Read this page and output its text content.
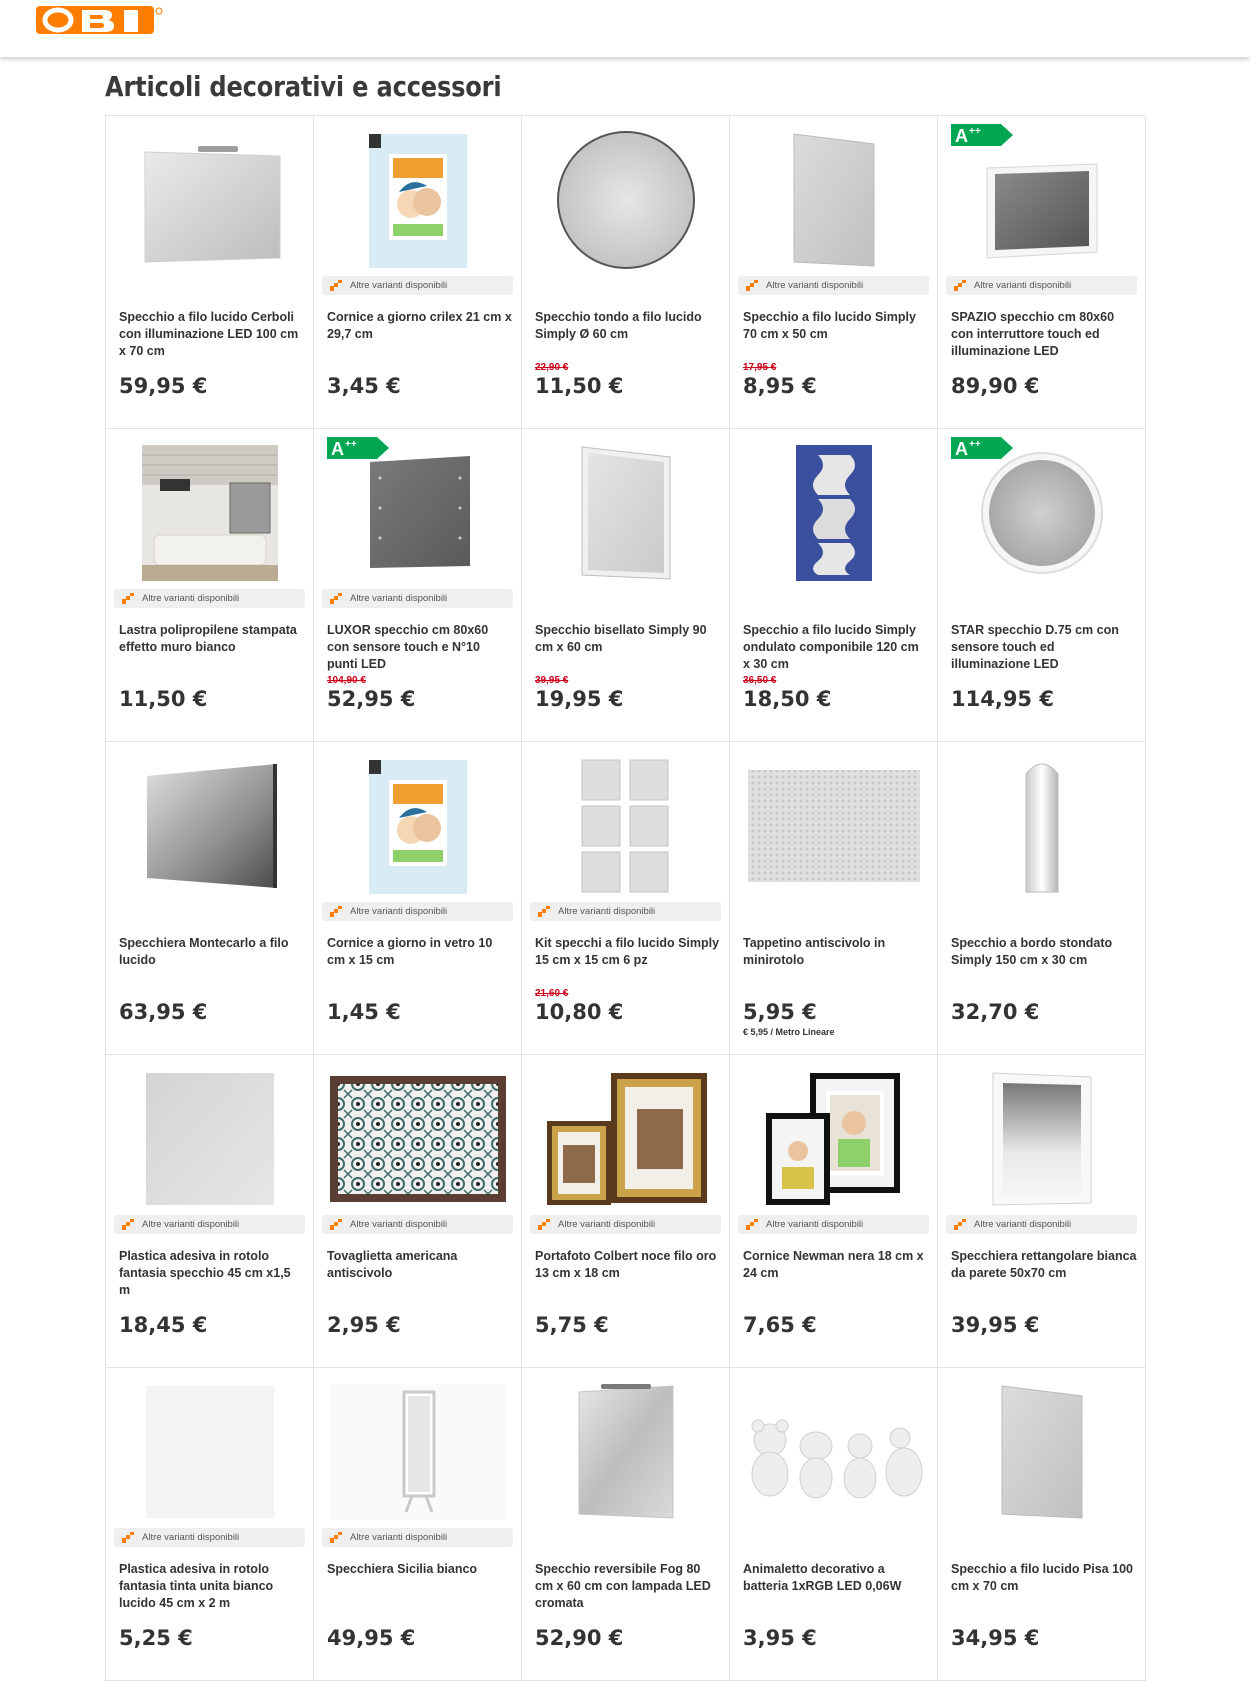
Articoli decorativi e accessori
Specchio a filo lucido Cerboli con illuminazione LED 100 cm x 70 cm
59,95 €
Altre varianti disponibili
Cornice a giorno crilex 21 cm x 29,7 cm
3,45 €
Specchio tondo a filo lucido Simply Ø 60 cm
22,90 €
11,50 €
Altre varianti disponibili
Specchio a filo lucido Simply 70 cm x 50 cm
17,95 €
8,95 €
A ++
Altre varianti disponibili
SPAZIO specchio cm 80x60 con interruttore touch ed illuminazione LED
89,90 €
Altre varianti disponibili
Lastra polipropilene stampata effetto muro bianco
11,50 €
A ++
Altre varianti disponibili
LUXOR specchio cm 80x60 con sensore touch e N°10 punti LED
104,90 €
52,95 €
Specchio bisellato Simply 90 cm x 60 cm
39,95 €
19,95 €
Specchio a filo lucido Simply ondulato componibile 120 cm x 30 cm
36,50 €
18,50 €
A ++
STAR specchio D.75 cm con sensore touch ed illuminazione LED
114,95 €
Specchiera Montecarlo a filo lucido
63,95 €
Altre varianti disponibili
Cornice a giorno in vetro 10 cm x 15 cm
1,45 €
Altre varianti disponibili
Kit specchi a filo lucido Simply 15 cm x 15 cm 6 pz
21,60 €
10,80 €
Tappetino antiscivolo in minirotolo
5,95 €
€ 5,95 / Metro Lineare
Specchio a bordo stondato Simply 150 cm x 30 cm
32,70 €
Altre varianti disponibili
Plastica adesiva in rotolo fantasia specchio 45 cm x1,5 m
18,45 €
Altre varianti disponibili
Tovaglietta americana antiscivolo
2,95 €
Altre varianti disponibili
Portafoto Colbert noce filo oro 13 cm x 18 cm
5,75 €
Altre varianti disponibili
Cornice Newman nera 18 cm x 24 cm
7,65 €
Altre varianti disponibili
Specchiera rettangolare bianca da parete 50x70 cm
39,95 €
Altre varianti disponibili
Plastica adesiva in rotolo fantasia tinta unita bianco lucido 45 cm x 2 m
5,25 €
Altre varianti disponibili
Specchiera Sicilia bianco
49,95 €
Specchio reversibile Fog 80 cm x 60 cm con lampada LED cromata
52,90 €
Animaletto decorativo a batteria 1xRGB LED 0,06W
3,95 €
Specchio a filo lucido Pisa 100 cm x 70 cm
34,95 €
